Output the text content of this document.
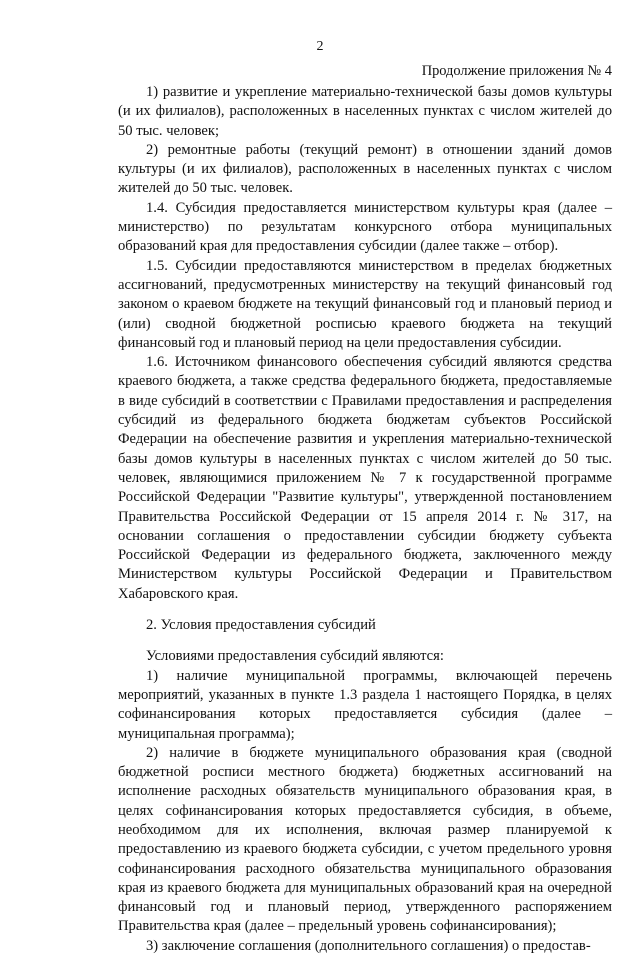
2
Продолжение приложения № 4

1) развитие и укрепление материально-технической базы домов культуры (и их филиалов), расположенных в населенных пунктах с числом жителей до 50 тыс. человек;

2) ремонтные работы (текущий ремонт) в отношении зданий домов культуры (и их филиалов), расположенных в населенных пунктах с числом жителей до 50 тыс. человек.

1.4. Субсидия предоставляется министерством культуры края (далее – министерство) по результатам конкурсного отбора муниципальных образований края для предоставления субсидии (далее также – отбор).

1.5. Субсидии предоставляются министерством в пределах бюджетных ассигнований, предусмотренных министерству на текущий финансовый год законом о краевом бюджете на текущий финансовый год и плановый период и (или) сводной бюджетной росписью краевого бюджета на текущий финансовый год и плановый период на цели предоставления субсидии.

1.6. Источником финансового обеспечения субсидий являются средства краевого бюджета, а также средства федерального бюджета, предоставляемые в виде субсидий в соответствии с Правилами предоставления и распределения субсидий из федерального бюджета бюджетам субъектов Российской Федерации на обеспечение развития и укрепления материально-технической базы домов культуры в населенных пунктах с числом жителей до 50 тыс. человек, являющимися приложением № 7 к государственной программе Российской Федерации "Развитие культуры", утвержденной постановлением Правительства Российской Федерации от 15 апреля 2014 г. № 317, на основании соглашения о предоставлении субсидии бюджету субъекта Российской Федерации из федерального бюджета, заключенного между Министерством культуры Российской Федерации и Правительством Хабаровского края.

2. Условия предоставления субсидий

Условиями предоставления субсидий являются:

1) наличие муниципальной программы, включающей перечень мероприятий, указанных в пункте 1.3 раздела 1 настоящего Порядка, в целях софинансирования которых предоставляется субсидия (далее – муниципальная программа);

2) наличие в бюджете муниципального образования края (сводной бюджетной росписи местного бюджета) бюджетных ассигнований на исполнение расходных обязательств муниципального образования края, в целях софинансирования которых предоставляется субсидия, в объеме, необходимом для их исполнения, включая размер планируемой к предоставлению из краевого бюджета субсидии, с учетом предельного уровня софинансирования расходного обязательства муниципального образования края из краевого бюджета для муниципальных образований края на очередной финансовый год и плановый период, утвержденного распоряжением Правительства края (далее – предельный уровень софинансирования);

3) заключение соглашения (дополнительного соглашения) о предостав-
